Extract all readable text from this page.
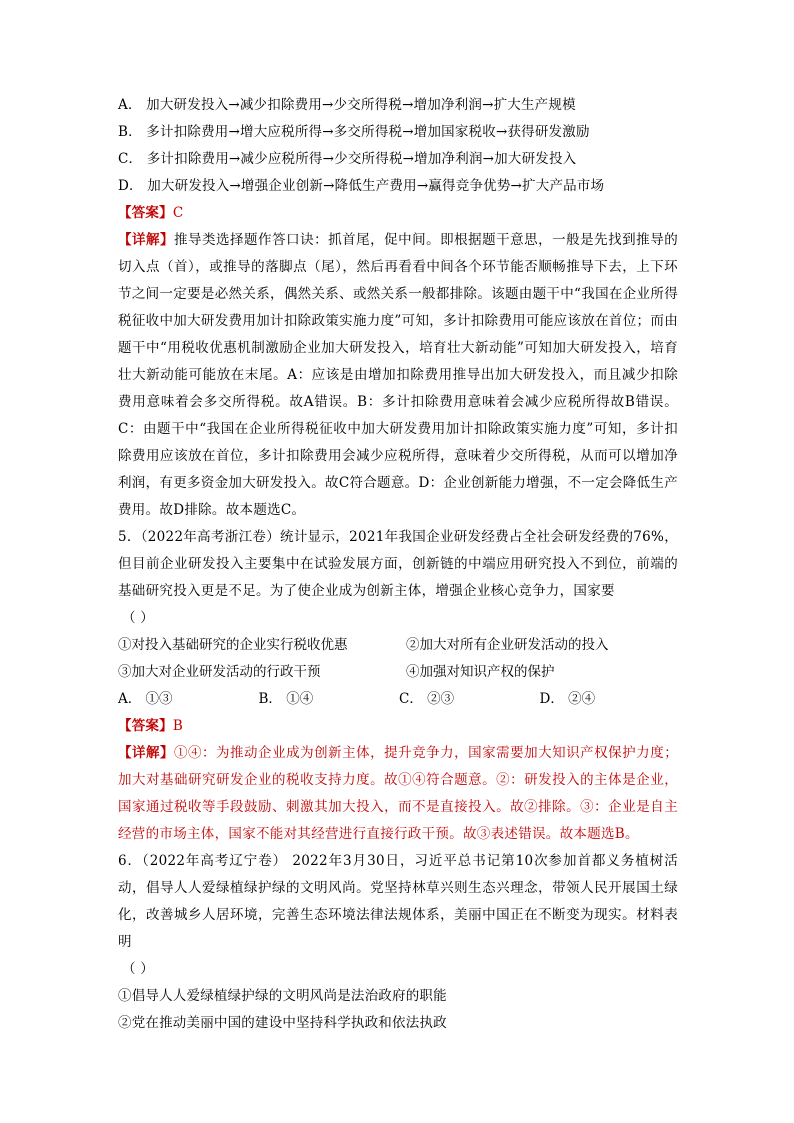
A． 加大研发投入→减少扣除费用→少交所得税→增加净利润→扩大生产规模
B． 多计扣除费用→增大应税所得→多交所得税→增加国家税收→获得研发激励
C． 多计扣除费用→减少应税所得→少交所得税→增加净利润→加大研发投入
D． 加大研发投入→增强企业创新→降低生产费用→赢得竞争优势→扩大产品市场
【答案】C
【详解】推导类选择题作答口诀：抓首尾，促中间。即根据题干意思，一般是先找到推导的切入点（首），或推导的落脚点（尾），然后再看看中间各个环节能否顺畅推导下去，上下环节之间一定要是必然关系，偶然关系、或然关系一般都排除。该题由题干中“我国在企业所得税征收中加大研发费用加计扣除政策实施力度”可知，多计扣除费用可能应该放在首位；而由题干中“用税收优惠机制激励企业加大研发投入，培育壮大新动能”可知加大研发投入，培育壮大新动能可能放在末尾。A：应该是由增加扣除费用推导出加大研发投入，而且减少扣除费用意味着会多交所得税。故A错误。B：多计扣除费用意味着会减少应税所得故B错误。C：由题干中“我国在企业所得税征收中加大研发费用加计扣除政策实施力度”可知，多计扣除费用应该放在首位，多计扣除费用会减少应税所得，意味着少交所得税，从而可以增加净利润，有更多资金加大研发投入。故C符合题意。D：企业创新能力增强，不一定会降低生产费用。故D排除。故本题选C。
5．（2022年高考浙江卷）统计显示，2021年我国企业研发经费占全社会研发经费的76%，但目前企业研发投入主要集中在试验发展方面，创新链的中端应用研究投入不到位，前端的基础研究投入更是不足。为了使企业成为创新主体，增强企业核心竞争力，国家要
（ ）
①对投入基础研究的企业实行税收优惠	②加大对所有企业研发活动的投入
③加大对企业研发活动的行政干预	④加强对知识产权的保护
A． ①③	B． ①④	C． ②③	D． ②④
【答案】B
【详解】①④：为推动企业成为创新主体，提升竞争力，国家需要加大知识产权保护力度；加大对基础研究研发企业的税收支持力度。故①④符合题意。②：研发投入的主体是企业，国家通过税收等手段鼓励、刺激其加大投入，而不是直接投入。故②排除。③：企业是自主经营的市场主体，国家不能对其经营进行直接行政干预。故③表述错误。故本题选B。
6．（2022年高考辽宁卷） 2022年3月30日，习近平总书记第10次参加首都义务植树活动，倡导人人爱绿植绿护绿的文明风尚。党坚持林草兴则生态兴理念，带领人民开展国土绿化，改善城乡人居环境，完善生态环境法律法规体系，美丽中国正在不断变为现实。材料表明
（ ）
①倡导人人爱绿植绿护绿的文明风尚是法治政府的职能
②党在推动美丽中国的建设中坚持科学执政和依法执政
